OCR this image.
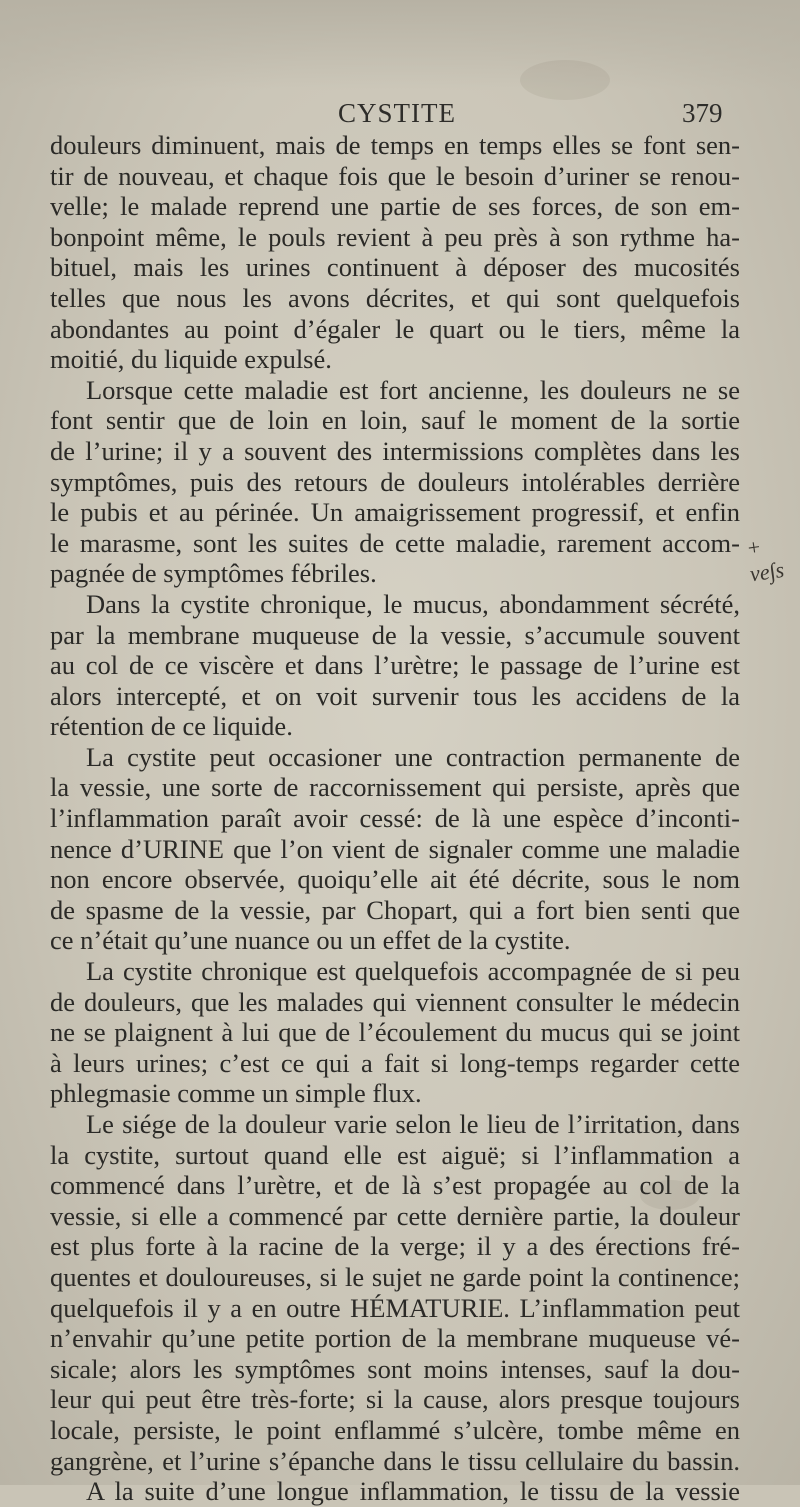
CYSTITE	379
douleurs diminuent, mais de temps en temps elles se font sen-
tir de nouveau, et chaque fois que le besoin d’uriner se renou-
velle; le malade reprend une partie de ses forces, de son em-
bonpoint même, le pouls revient à peu près à son rythme ha-
bituel, mais les urines continuent à déposer des mucosités
telles que nous les avons décrites, et qui sont quelquefois
abondantes au point d’égaler le quart ou le tiers, même la
moitié, du liquide expulsé.
Lorsque cette maladie est fort ancienne, les douleurs ne se
font sentir que de loin en loin, sauf le moment de la sortie
de l’urine; il y a souvent des intermissions complètes dans les
symptômes, puis des retours de douleurs intolérables derrière
le pubis et au périnée. Un amaigrissement progressif, et enfin
le marasme, sont les suites de cette maladie, rarement accom-
pagnée de symptômes fébriles.
Dans la cystite chronique, le mucus, abondamment sécrété,
par la membrane muqueuse de la vessie, s’accumule souvent
au col de ce viscère et dans l’urètre; le passage de l’urine est
alors intercepté, et on voit survenir tous les accidens de la
rétention de ce liquide.
La cystite peut occasioner une contraction permanente de
la vessie, une sorte de raccornissement qui persiste, après que
l’inflammation paraît avoir cessé: de là une espèce d’inconti-
nence d’URINE que l’on vient de signaler comme une maladie
non encore observée, quoiqu’elle ait été décrite, sous le nom
de spasme de la vessie, par Chopart, qui a fort bien senti que
ce n’était qu’une nuance ou un effet de la cystite.
La cystite chronique est quelquefois accompagnée de si peu
de douleurs, que les malades qui viennent consulter le médecin
ne se plaignent à lui que de l’écoulement du mucus qui se joint
à leurs urines; c’est ce qui a fait si long-temps regarder cette
phlegmasie comme un simple flux.
Le siége de la douleur varie selon le lieu de l’irritation, dans
la cystite, surtout quand elle est aiguë; si l’inflammation a
commencé dans l’urètre, et de là s’est propagée au col de la
vessie, si elle a commencé par cette dernière partie, la douleur
est plus forte à la racine de la verge; il y a des érections fré-
quentes et douloureuses, si le sujet ne garde point la continence;
quelquefois il y a en outre HÉMATURIE. L’inflammation peut
n’envahir qu’une petite portion de la membrane muqueuse vé-
sicale; alors les symptômes sont moins intenses, sauf la dou-
leur qui peut être très-forte; si la cause, alors presque toujours
locale, persiste, le point enflammé s’ulcère, tombe même en
gangrène, et l’urine s’épanche dans le tissu cellulaire du bassin.
A la suite d’une longue inflammation, le tissu de la vessie
+ ve∫s
